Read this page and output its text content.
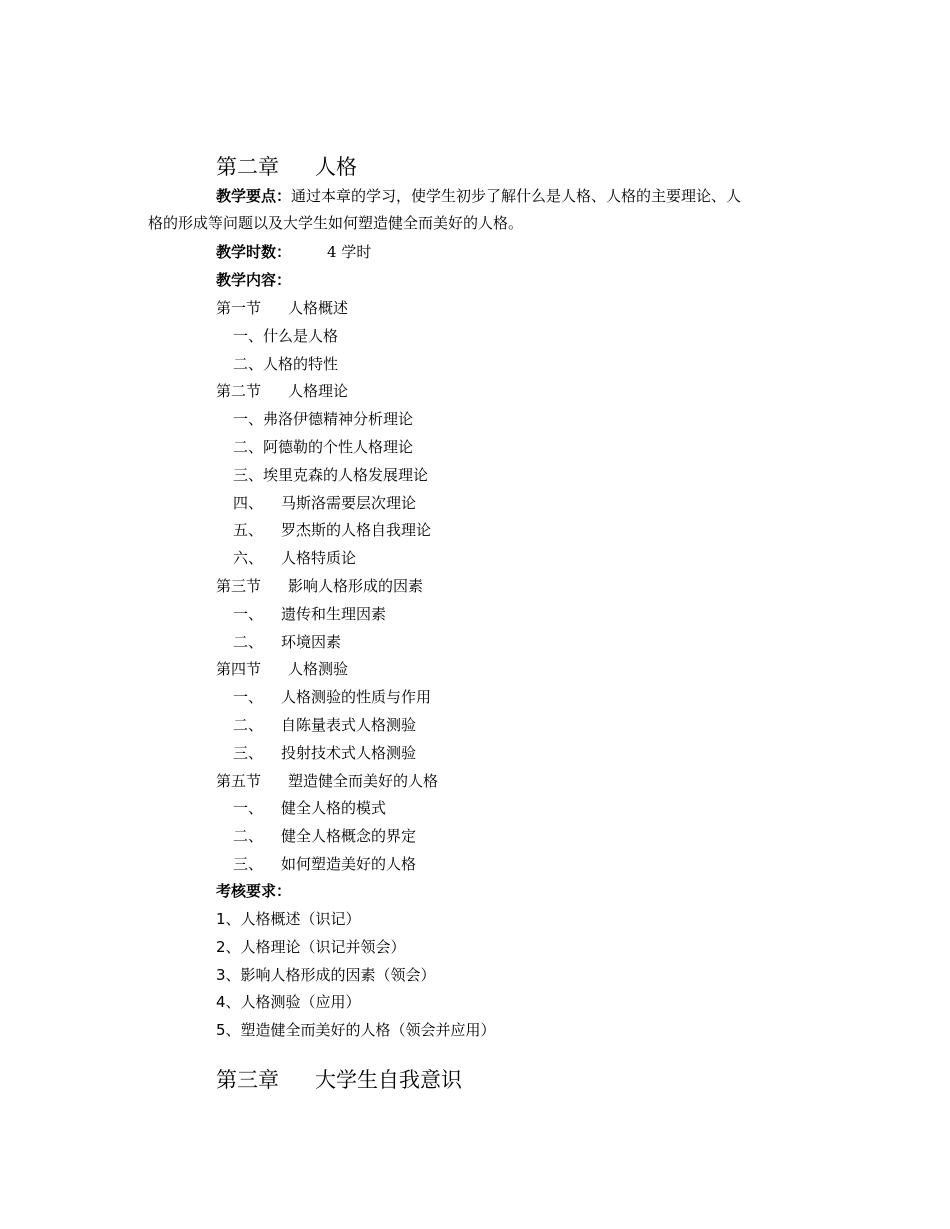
第二章 人格
教学要点：通过本章的学习，使学生初步了解什么是人格、人格的主要理论、人
格的形成等问题以及大学生如何塑造健全而美好的人格。
教学时数： 4 学时
教学内容：
第一节 人格概述
一、什么是人格
二、人格的特性
第二节 人格理论
一、弗洛伊德精神分析理论
二、阿德勒的个性人格理论
三、埃里克森的人格发展理论
四、 马斯洛需要层次理论
五、 罗杰斯的人格自我理论
六、 人格特质论
第三节 影响人格形成的因素
一、 遗传和生理因素
二、 环境因素
第四节 人格测验
一、 人格测验的性质与作用
二、 自陈量表式人格测验
三、 投射技术式人格测验
第五节 塑造健全而美好的人格
一、 健全人格的模式
二、 健全人格概念的界定
三、 如何塑造美好的人格
考核要求：
1、人格概述（识记）
2、人格理论（识记并领会）
3、影响人格形成的因素（领会）
4、人格测验（应用）
5、塑造健全而美好的人格（领会并应用）
第三章 大学生自我意识
